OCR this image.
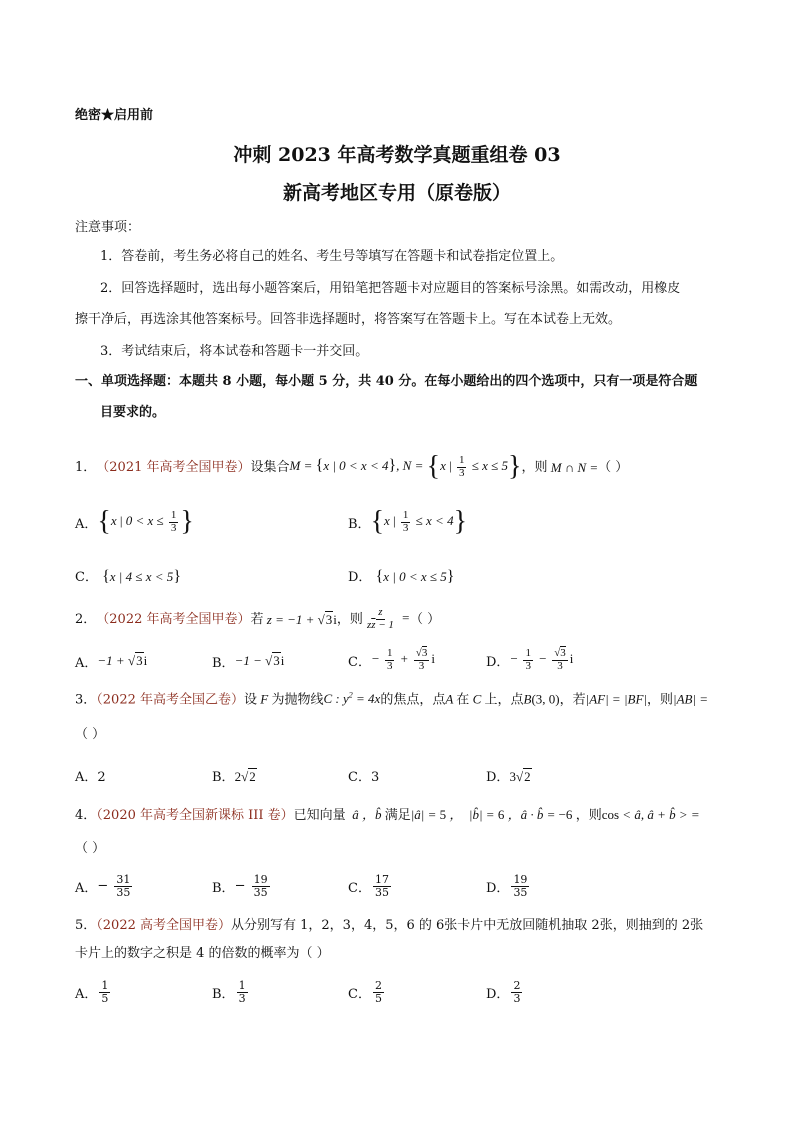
绝密★启用前
冲刺 2023 年高考数学真题重组卷 03
新高考地区专用（原卷版）
注意事项：
1．答卷前，考生务必将自己的姓名、考生号等填写在答题卡和试卷指定位置上。
2．回答选择题时，选出每小题答案后，用铅笔把答题卡对应题目的答案标号涂黑。如需改动，用橡皮
擦干净后，再选涂其他答案标号。回答非选择题时，将答案写在答题卡上。写在本试卷上无效。
3．考试结束后，将本试卷和答题卡一并交回。
一、单项选择题：本题共 8 小题，每小题 5 分，共 40 分。在每小题给出的四个选项中，只有一项是符合题
目要求的。
1． （2021 年高考全国甲卷） 设集合 M = {x | 0 < x < 4}, N = {x | $\frac{1}{3} \le x \le 5$} ，则 M ∩ N = （ ）
A． {x | $0 < x \le \frac{1}{3}$ }	B． {x | $\frac{1}{3} \le x < 4$}
C． {x | 4 ≤ x < 5}	D． {x | 0 < x ≤ 5}
2． （2022 年高考全国甲卷） 若 z = −1 + √3i ，则 $\frac{z}{z\overline{z} - 1}$ = （ ）
A． −1 + √3i	B． −1 − √3i	C． − $\frac{1}{3} + \frac{√3}{3}$ i	D． − $\frac{1}{3} - \frac{√3}{3}$ i
3．（2022 年高考全国乙卷）设 F 为抛物线C : $y^2 = 4x$的焦点，点A 在 C 上，点B(3, 0)，若|AF| = |BF|，则|AB| =
（ ）
A．2	B．2√2	C．3	D．3√2
4．（2020 年高考全国新课标 III 卷）已知向量  â ，b̂ 满足|â| = 5 ，  |b̂| = 6 ，â · b̂ = −6 ，则cos < â, â + b̂ > =
（ ）
A． − $\frac{31}{35}$	B． − $\frac{19}{35}$	C． $\frac{17}{35}$	D． $\frac{19}{35}$
5．（2022 高考全国甲卷）从分别写有 1，2，3，4，5，6 的 6张卡片中无放回随机抽取 2张，则抽到的 2张
卡片上的数字之积是 4 的倍数的概率为（ ）
A． $\frac{1}{5}$	B． $\frac{1}{3}$	C． $\frac{2}{5}$	D． $\frac{2}{3}$
